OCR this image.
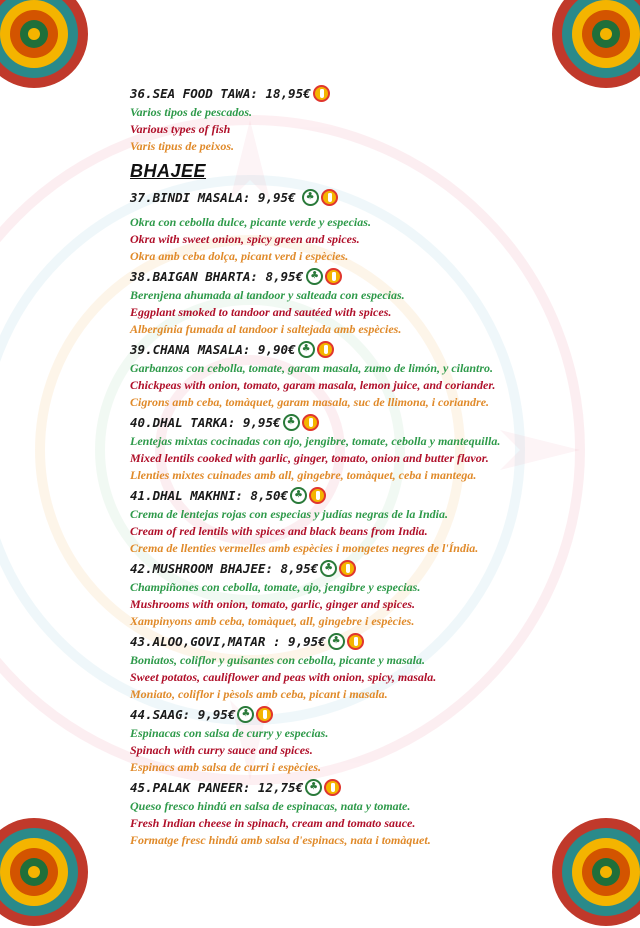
36.SEA FOOD TAWA: 18,95€
Varios tipos de pescados.
Various types of fish
Varis tipus de peixos.
BHAJEE
37.BINDI MASALA: 9,95€
♣
Okra con cebolla dulce, picante verde y especias.
Okra with sweet onion, spicy green and spices.
Okra amb ceba dolça, picant verd i espècies.
38.BAIGAN BHARTA: 8,95€
♣
Berenjena ahumada al tandoor y salteada con especias.
Eggplant smoked to tandoor and sautéed with spices.
Albergínia fumada al tandoor i saltejada amb espècies.
39.CHANA MASALA: 9,90€
♣
Garbanzos con cebolla, tomate, garam masala, zumo de limón, y cilantro.
Chickpeas with onion, tomato, garam masala, lemon juice, and coriander.
Cigrons amb ceba, tomàquet, garam masala, suc de llimona, i coriandre.
40.DHAL TARKA: 9,95€
♣
Lentejas mixtas cocinadas con ajo, jengibre, tomate, cebolla y mantequilla.
Mixed lentils cooked with garlic, ginger, tomato, onion and butter flavor.
Llenties mixtes cuinades amb all, gingebre, tomàquet, ceba i mantega.
41.DHAL MAKHNI: 8,50€
♣
Crema de lentejas rojas con especias y judías negras de la India.
Cream of red lentils with spices and black beans from India.
Crema de llenties vermelles amb espècies i mongetes negres de l'Índia.
42.MUSHROOM BHAJEE: 8,95€
♣
Champiñones con cebolla, tomate, ajo, jengibre y especias.
Mushrooms with onion, tomato, garlic, ginger and spices.
Xampinyons amb ceba, tomàquet, all, gingebre i espècies.
43.ALOO,GOVI,MATAR : 9,95€
♣
Boniatos, coliflor y guisantes con cebolla, picante y masala.
Sweet potatos, cauliflower and peas with onion, spicy, masala.
Moniato, coliflor i pèsols amb ceba, picant i masala.
44.SAAG: 9,95€
♣
Espinacas con salsa de curry y especias.
Spinach with curry sauce and spices.
Espinacs amb salsa de curri i espècies.
45.PALAK PANEER: 12,75€
♣
Queso fresco hindú en salsa de espinacas, nata y tomate.
Fresh Indian cheese in spinach, cream and tomato sauce.
Formatge fresc hindú amb salsa d'espinacs, nata i tomàquet.
